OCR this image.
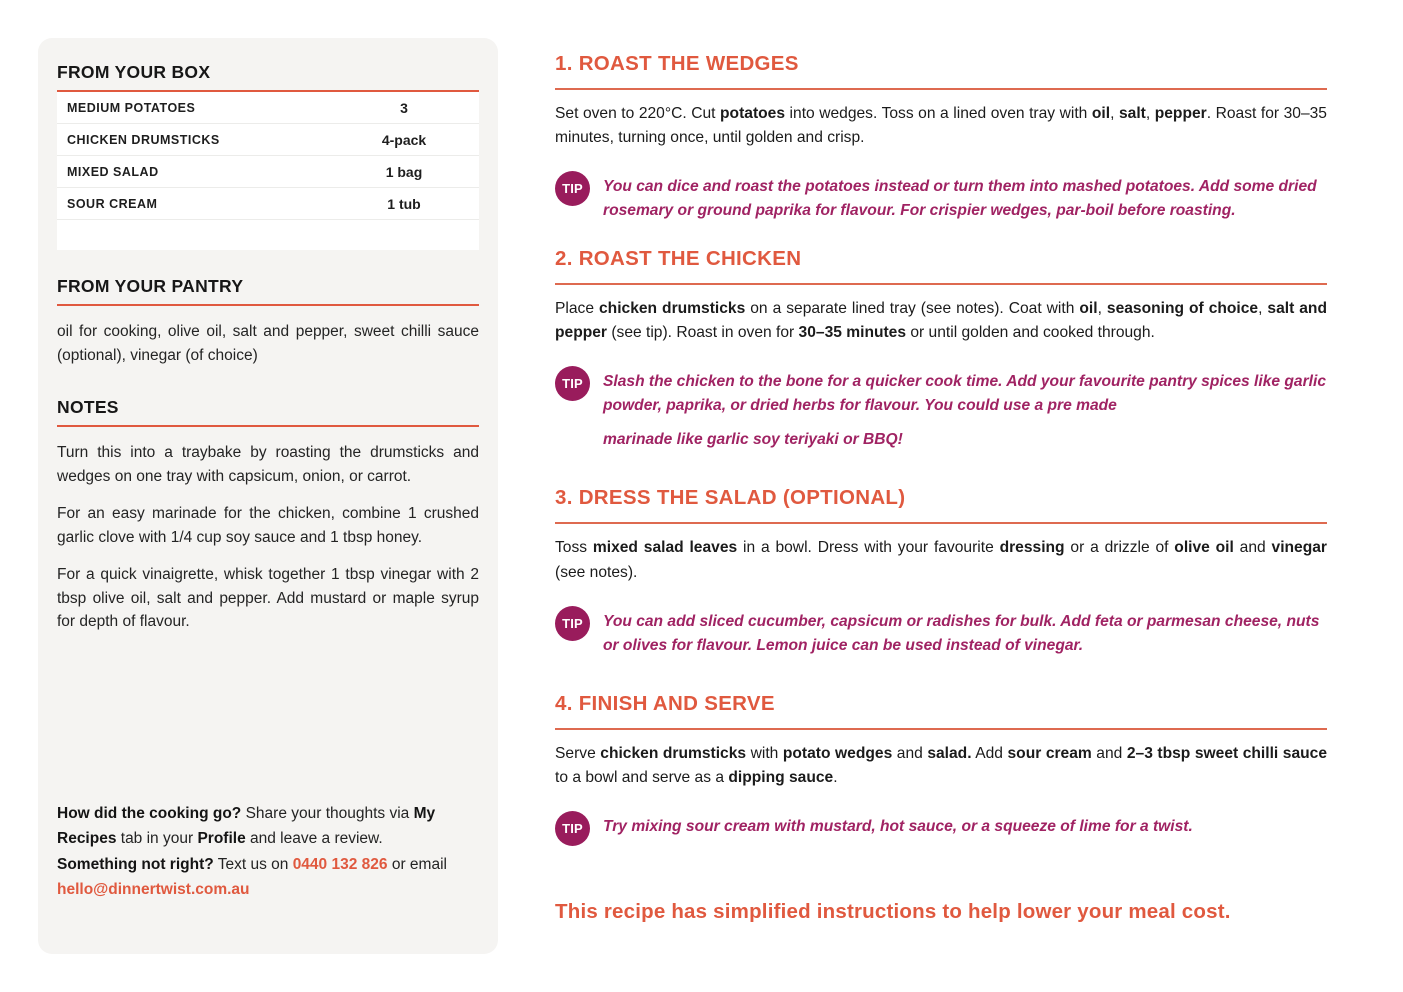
FROM YOUR BOX
MEDIUM POTATOES	3
CHICKEN DRUMSTICKS	4-pack
MIXED SALAD	1 bag
SOUR CREAM	1 tub
FROM YOUR PANTRY

oil for cooking, olive oil, salt and pepper, sweet chilli sauce (optional), vinegar (of choice)

NOTES

Turn this into a traybake by roasting the drumsticks and wedges on one tray with capsicum, onion, or carrot.

For an easy marinade for the chicken, combine 1 crushed garlic clove with 1/4 cup soy sauce and 1 tbsp honey.

For a quick vinaigrette, whisk together 1 tbsp vinegar with 2 tbsp olive oil, salt and pepper. Add mustard or maple syrup for depth of flavour.

How did the cooking go? Share your thoughts via My Recipes tab in your Profile and leave a review.

Something not right? Text us on 0440 132 826 or email hello@dinnertwist.com.au

1. ROAST THE WEDGES

Set oven to 220°C. Cut potatoes into wedges. Toss on a lined oven tray with oil, salt, pepper. Roast for 30–35 minutes, turning once, until golden and crisp.

TIP	You can dice and roast the potatoes instead or turn them into mashed potatoes. Add some dried rosemary or ground paprika for flavour. For crispier wedges, par-boil before roasting.

2. ROAST THE CHICKEN

Place chicken drumsticks on a separate lined tray (see notes). Coat with oil, seasoning of choice, salt and pepper (see tip). Roast in oven for 30–35 minutes or until golden and cooked through.

TIP	Slash the chicken to the bone for a quicker cook time. Add your favourite pantry spices like garlic powder, paprika, or dried herbs for flavour. You could use a pre made

marinade like garlic soy teriyaki or BBQ!

3. DRESS THE SALAD (OPTIONAL)

Toss mixed salad leaves in a bowl. Dress with your favourite dressing or a drizzle of olive oil and vinegar (see notes).

TIP	You can add sliced cucumber, capsicum or radishes for bulk. Add feta or parmesan cheese, nuts or olives for flavour. Lemon juice can be used instead of vinegar.

4. FINISH AND SERVE

Serve chicken drumsticks with potato wedges and salad. Add sour cream and 2–3 tbsp sweet chilli sauce to a bowl and serve as a dipping sauce.

TIP	Try mixing sour cream with mustard, hot sauce, or a squeeze of lime for a twist.

This recipe has simplified instructions to help lower your meal cost.
